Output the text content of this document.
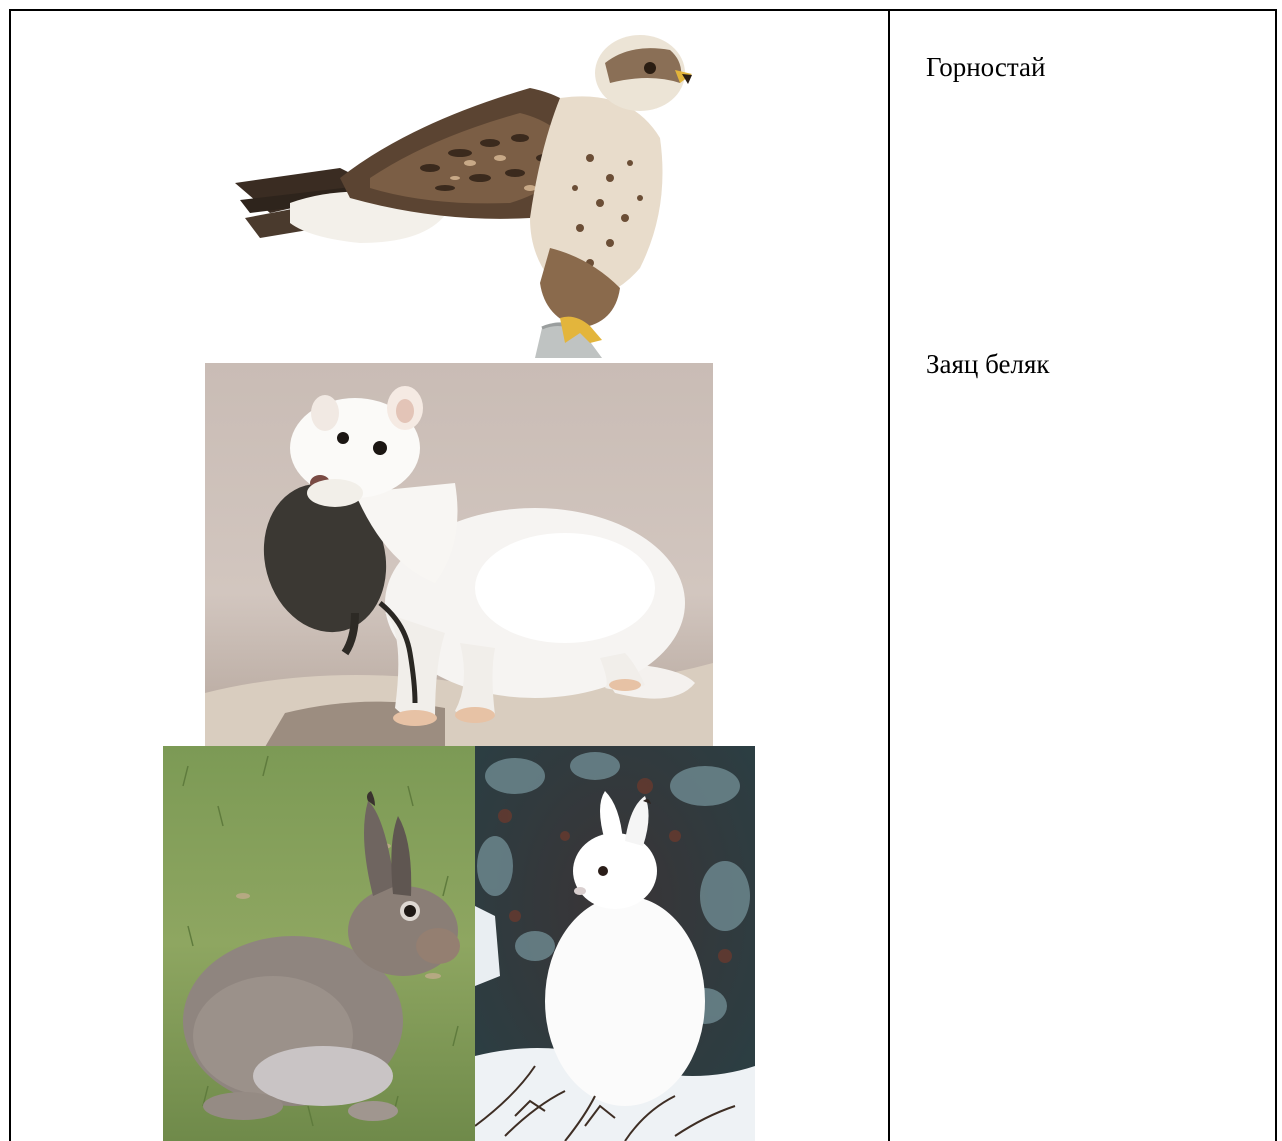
Горностай
Заяц беляк
